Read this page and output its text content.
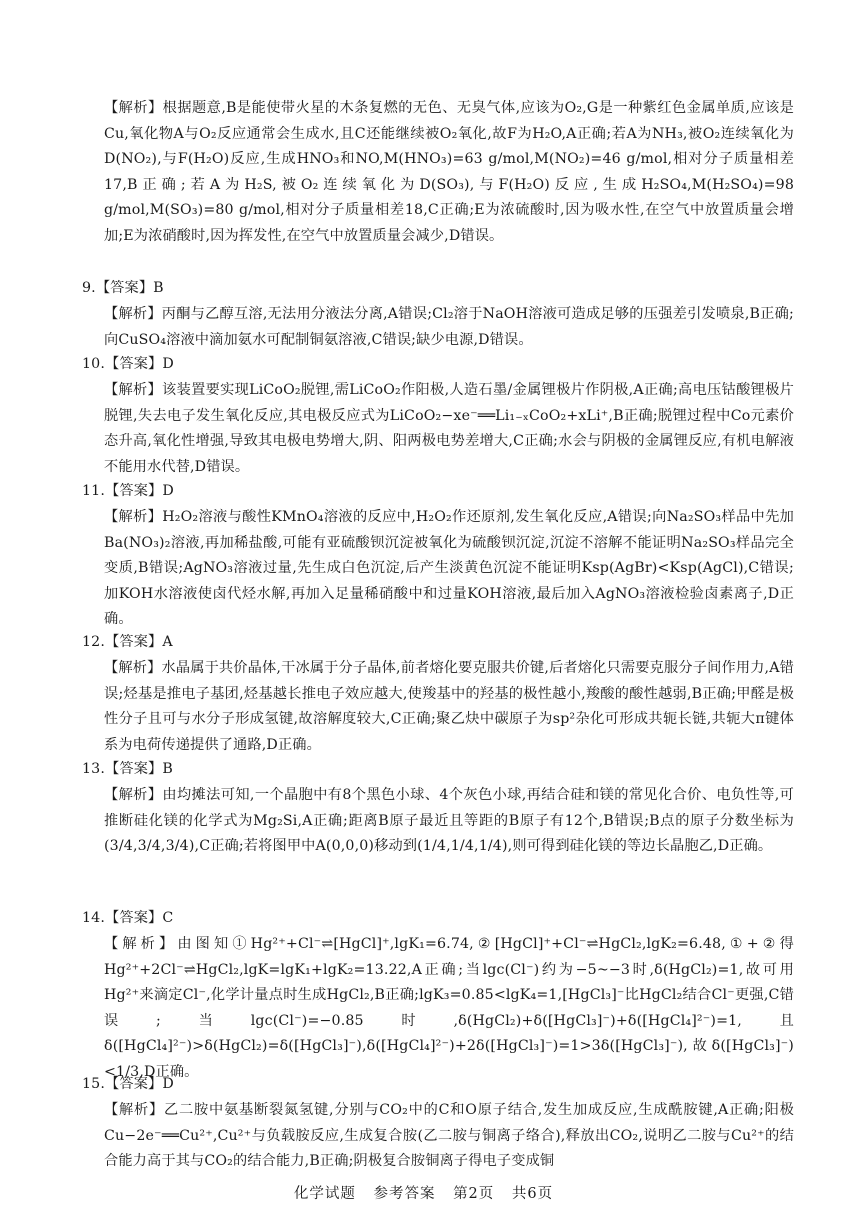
【解析】根据题意,B是能使带火星的木条复燃的无色、无臭气体,应该为O₂,G是一种紫红色金属单质,应该是Cu,氧化物A与O₂反应通常会生成水,且C还能继续被O₂氧化,故F为H₂O,A正确;若A为NH₃,被O₂连续氧化为D(NO₂),与F(H₂O)反应,生成HNO₃和NO,M(HNO₃)=63 g/mol,M(NO₂)=46 g/mol,相对分子质量相差17,B正确;若A为H₂S,被O₂连续氧化为D(SO₃),与F(H₂O)反应,生成H₂SO₄,M(H₂SO₄)=98 g/mol,M(SO₃)=80 g/mol,相对分子质量相差18,C正确;E为浓硫酸时,因为吸水性,在空气中放置质量会增加;E为浓硝酸时,因为挥发性,在空气中放置质量会减少,D错误。
9.【答案】B
【解析】丙酮与乙醇互溶,无法用分液法分离,A错误;Cl₂溶于NaOH溶液可造成足够的压强差引发喷泉,B正确;向CuSO₄溶液中滴加氨水可配制铜氨溶液,C错误;缺少电源,D错误。
10.【答案】D
【解析】该装置要实现LiCoO₂脱锂,需LiCoO₂作阳极,人造石墨/金属锂极片作阴极,A正确;高电压钴酸锂极片脱锂,失去电子发生氧化反应,其电极反应式为LiCoO₂−xe⁻══Li₁₋ₓCoO₂+xLi⁺,B正确;脱锂过程中Co元素价态升高,氧化性增强,导致其电极电势增大,阴、阳两极电势差增大,C正确;水会与阴极的金属锂反应,有机电解液不能用水代替,D错误。
11.【答案】D
【解析】H₂O₂溶液与酸性KMnO₄溶液的反应中,H₂O₂作还原剂,发生氧化反应,A错误;向Na₂SO₃样品中先加Ba(NO₃)₂溶液,再加稀盐酸,可能有亚硫酸钡沉淀被氧化为硫酸钡沉淀,沉淀不溶解不能证明Na₂SO₃样品完全变质,B错误;AgNO₃溶液过量,先生成白色沉淀,后产生淡黄色沉淀不能证明Ksp(AgBr)<Ksp(AgCl),C错误;加KOH水溶液使卤代烃水解,再加入足量稀硝酸中和过量KOH溶液,最后加入AgNO₃溶液检验卤素离子,D正确。
12.【答案】A
【解析】水晶属于共价晶体,干冰属于分子晶体,前者熔化要克服共价键,后者熔化只需要克服分子间作用力,A错误;烃基是推电子基团,烃基越长推电子效应越大,使羧基中的羟基的极性越小,羧酸的酸性越弱,B正确;甲醛是极性分子且可与水分子形成氢键,故溶解度较大,C正确;聚乙炔中碳原子为sp²杂化可形成共轭长链,共轭大π键体系为电荷传递提供了通路,D正确。
13.【答案】B
【解析】由均摊法可知,一个晶胞中有8个黑色小球、4个灰色小球,再结合硅和镁的常见化合价、电负性等,可推断硅化镁的化学式为Mg₂Si,A正确;距离B原子最近且等距的B原子有12个,B错误;B点的原子分数坐标为(3/4,3/4,3/4),C正确;若将图甲中A(0,0,0)移动到(1/4,1/4,1/4),则可得到硅化镁的等边长晶胞乙,D正确。
14.【答案】C
【解析】由图知①Hg²⁺+Cl⁻⇌[HgCl]⁺,lgK₁=6.74,②[HgCl]⁺+Cl⁻⇌HgCl₂,lgK₂=6.48,①+②得Hg²⁺+2Cl⁻⇌HgCl₂,lgK=lgK₁+lgK₂=13.22,A正确;当lgc(Cl⁻)约为−5~−3时,δ(HgCl₂)=1,故可用Hg²⁺来滴定Cl⁻,化学计量点时生成HgCl₂,B正确;lgK₃=0.85<lgK₄=1,[HgCl₃]⁻比HgCl₂结合Cl⁻更强,C错误;当lgc(Cl⁻)=−0.85时,δ(HgCl₂)+δ([HgCl₃]⁻)+δ([HgCl₄]²⁻)=1,且δ([HgCl₄]²⁻)>δ(HgCl₂)=δ([HgCl₃]⁻),δ([HgCl₄]²⁻)+2δ([HgCl₃]⁻)=1>3δ([HgCl₃]⁻),故δ([HgCl₃]⁻)<1/3,D正确。
15.【答案】D
【解析】乙二胺中氨基断裂氮氢键,分别与CO₂中的C和O原子结合,发生加成反应,生成酰胺键,A正确;阳极Cu−2e⁻══Cu²⁺,Cu²⁺与负载胺反应,生成复合胺(乙二胺与铜离子络合),释放出CO₂,说明乙二胺与Cu²⁺的结合能力高于其与CO₂的结合能力,B正确;阴极复合胺铜离子得电子变成铜
化学试题 参考答案 第2页 共6页
